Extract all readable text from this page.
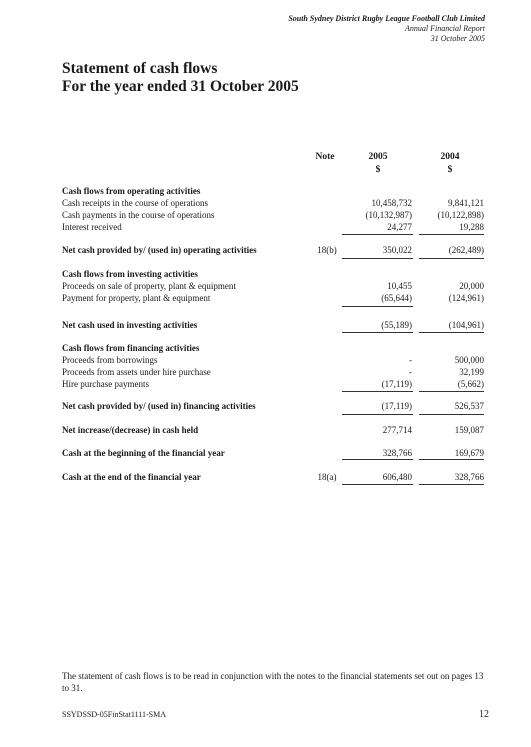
South Sydney District Rugby League Football Club Limited
Annual Financial Report
31 October 2005
Statement of cash flows
For the year ended 31 October 2005
Note	2005
$
2004
$
Cash flows from operating activities
Cash receipts in the course of operations	10,458,732	9,841,121
Cash payments in the course of operations	(10,132,987)	(10,122,898)
Interest received	24,277	19,288
Net cash provided by/ (used in) operating activities	18(b)	350,022	(262,489)
Cash flows from investing activities
Proceeds on sale of property, plant & equipment	10,455	20,000
Payment for property, plant & equipment	(65,644)	(124,961)
Net cash used in investing activities	(55,189)	(104,961)
Cash flows from financing activities
Proceeds from borrowings	-	500,000
Proceeds from assets under hire purchase	-	32,199
Hire purchase payments	(17,119)	(5,662)
Net cash provided by/ (used in) financing activities	(17,119)	526,537
Net increase/(decrease) in cash held	277,714	159,087
Cash at the beginning of the financial year	328,766	169,679
Cash at the end of the financial year	18(a)	606,480	328,766
The statement of cash flows is to be read in conjunction with the notes to the financial statements set out on pages 13 to 31.
SSYDSSD-05FinStat1111-SMA	12
